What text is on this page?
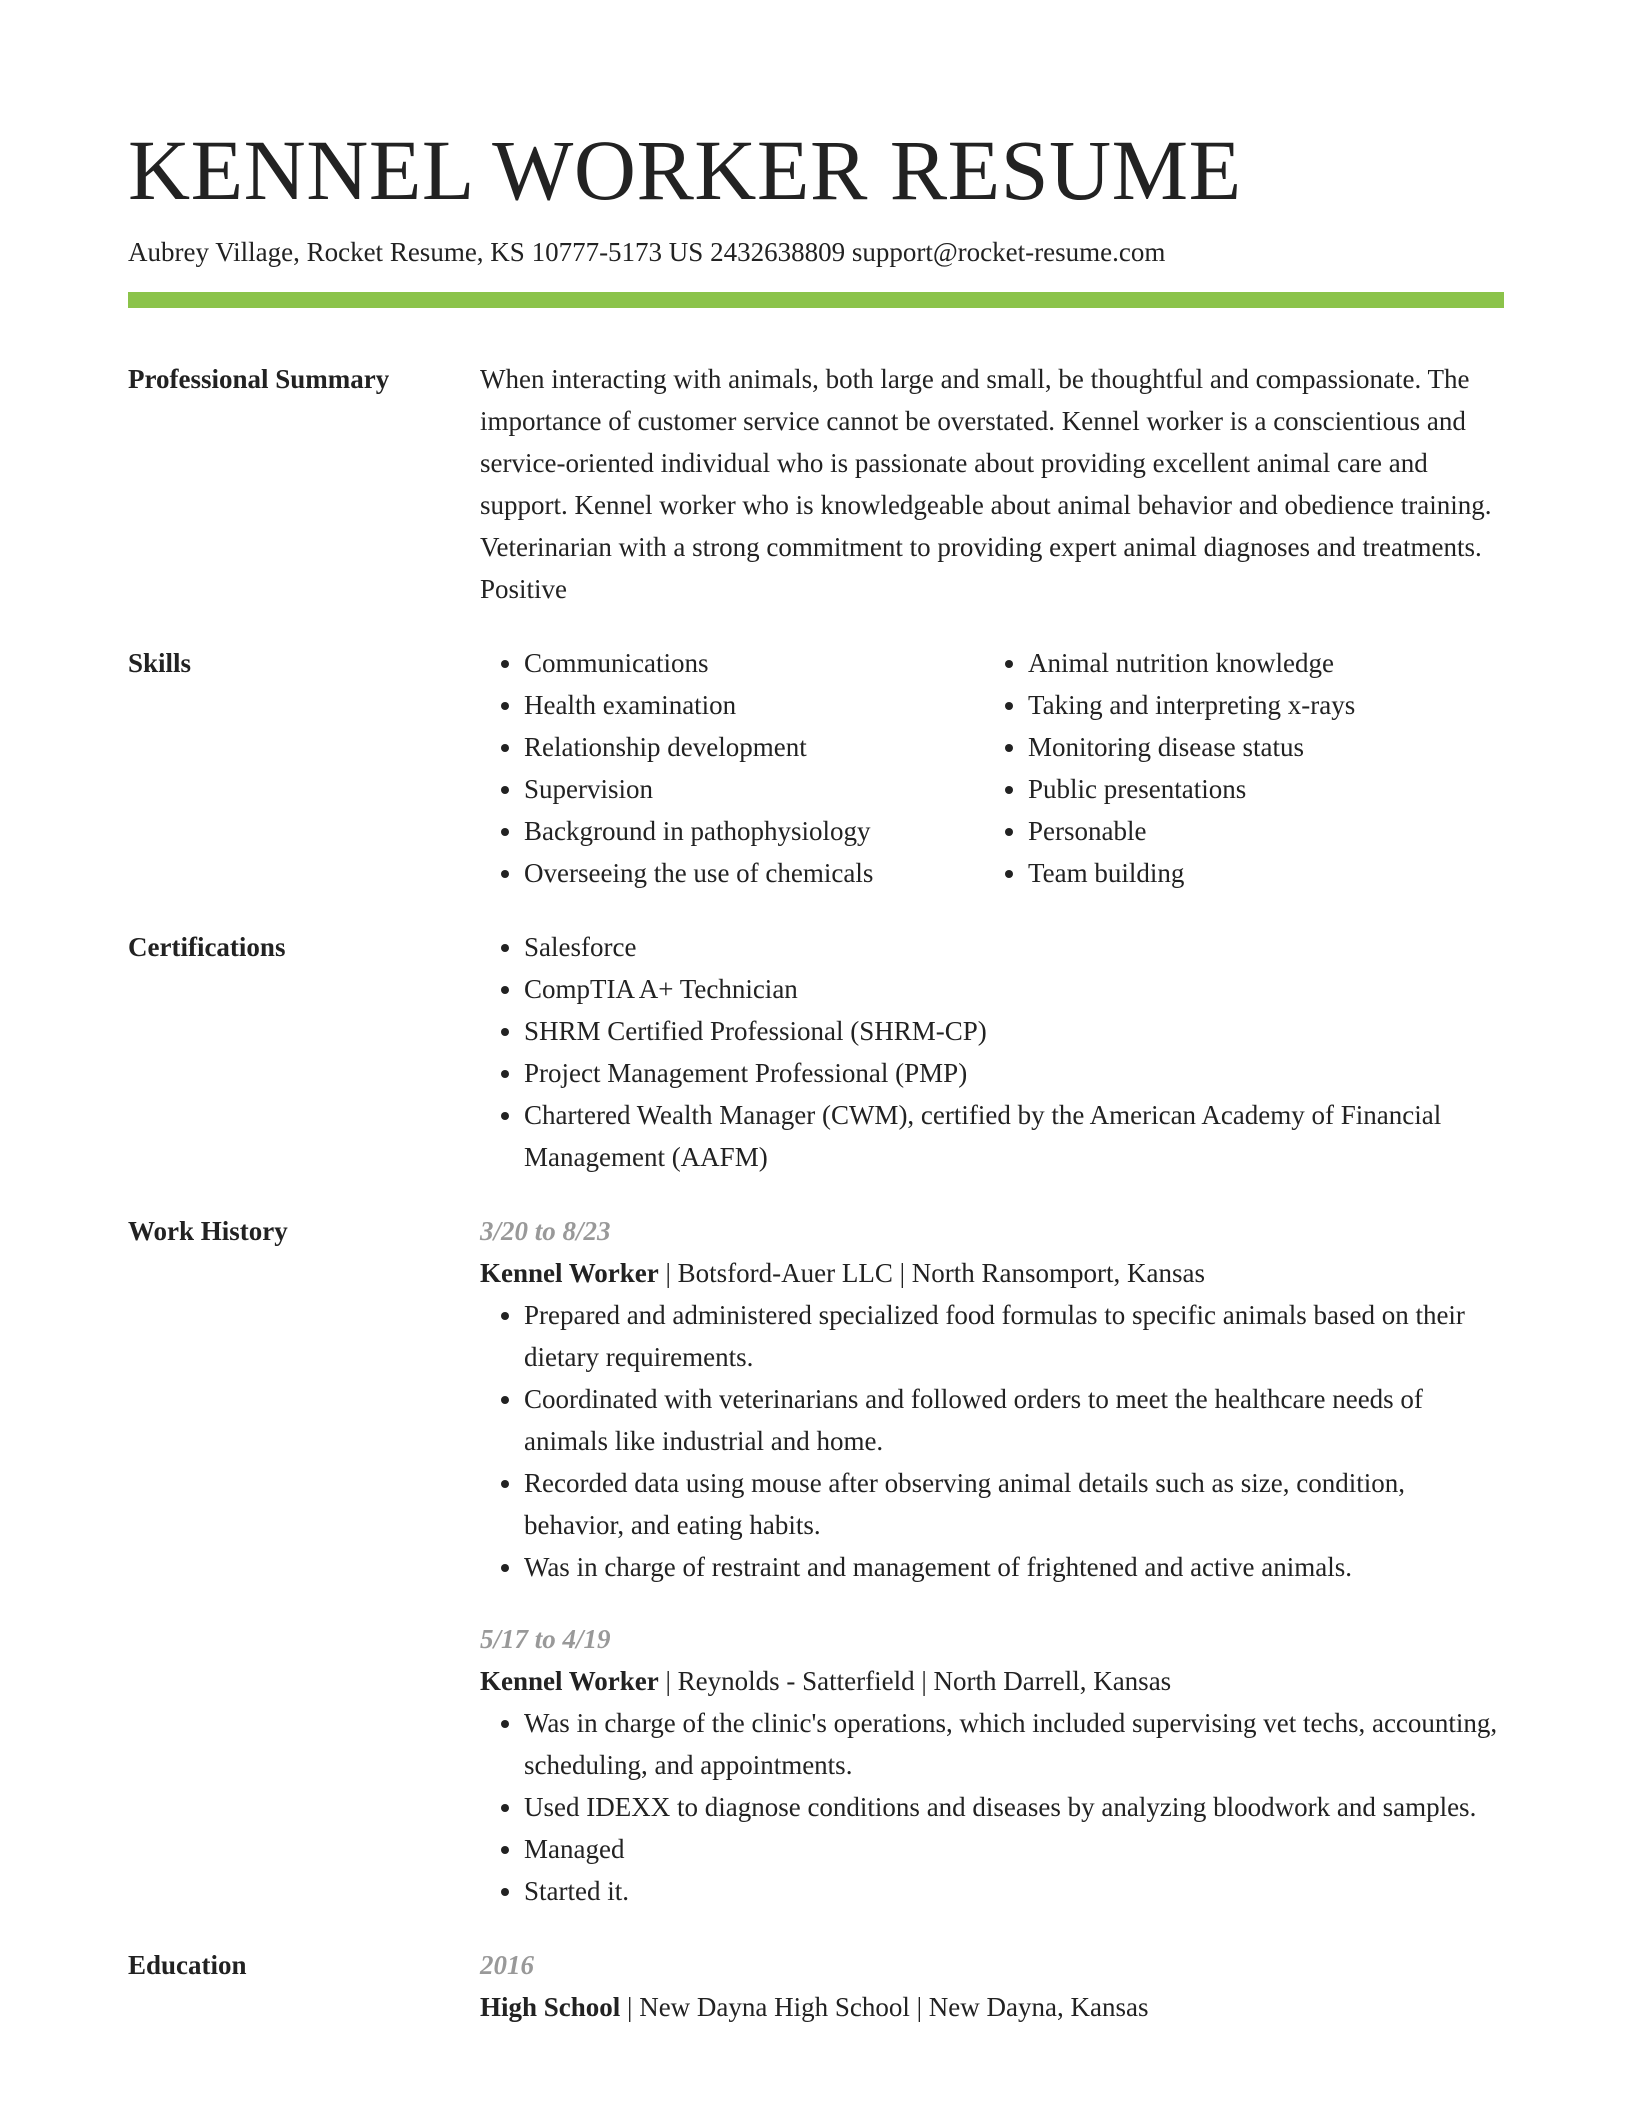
KENNEL WORKER RESUME
Aubrey Village, Rocket Resume, KS 10777-5173 US 2432638809 support@rocket-resume.com
Professional Summary	When interacting with animals, both large and small, be thoughtful and compassionate. The importance of customer service cannot be overstated. Kennel worker is a conscientious and service-oriented individual who is passionate about providing excellent animal care and support. Kennel worker who is knowledgeable about animal behavior and obedience training. Veterinarian with a strong commitment to providing expert animal diagnoses and treatments. Positive
Skills	• Communications
• Health examination
• Relationship development
• Supervision
• Background in pathophysiology
• Overseeing the use of chemicals
• Animal nutrition knowledge
• Taking and interpreting x-rays
• Monitoring disease status
• Public presentations
• Personable
• Team building
Certifications	• Salesforce
• CompTIA A+ Technician
• SHRM Certified Professional (SHRM-CP)
• Project Management Professional (PMP)
• Chartered Wealth Manager (CWM), certified by the American Academy of Financial Management (AAFM)
Work History	3/20 to 8/23
Kennel Worker | Botsford-Auer LLC | North Ransomport, Kansas
• Prepared and administered specialized food formulas to specific animals based on their dietary requirements.
• Coordinated with veterinarians and followed orders to meet the healthcare needs of animals like industrial and home.
• Recorded data using mouse after observing animal details such as size, condition, behavior, and eating habits.
• Was in charge of restraint and management of frightened and active animals.
5/17 to 4/19
Kennel Worker | Reynolds - Satterfield | North Darrell, Kansas
• Was in charge of the clinic's operations, which included supervising vet techs, accounting, scheduling, and appointments.
• Used IDEXX to diagnose conditions and diseases by analyzing bloodwork and samples.
• Managed
• Started it.
Education	2016
High School | New Dayna High School | New Dayna, Kansas
